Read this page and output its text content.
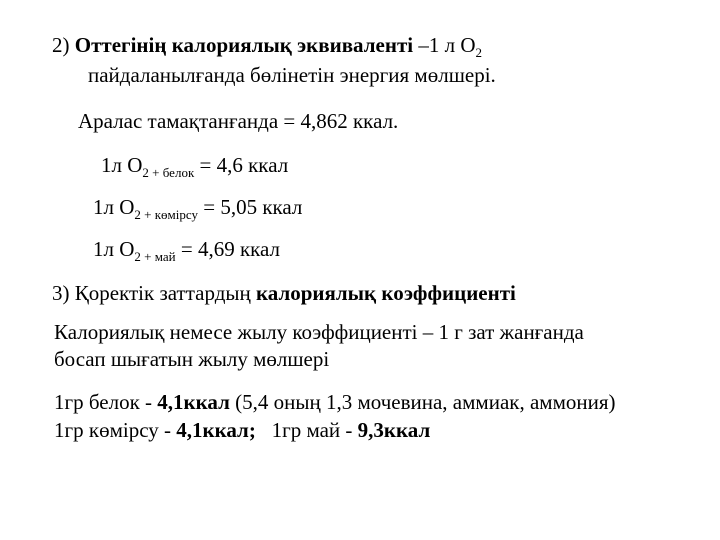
2) Оттегінің калориялық эквиваленті –1 л $О_2$
пайдаланылғанда бөлінетін энергия мөлшері.
Аралас тамақтанғанда = 4,862 ккал.
1л $О_{2 + белок} = 4,6$ ккал
1л $О_{2 + көмірсу} = 5,05$ ккал
1л $О_{2 + май} = 4,69$ ккал
3) Қоректік заттардың калориялық коэффициенті
Калориялық немесе жылу коэффициенті – 1 г зат жанғанда
босап шығатын жылу мөлшері
1гр белок - 4,1ккал (5,4 оның 1,3 мочевина, аммиак, аммония)
1гр көмірсу - 4,1ккал;   1гр май - 9,3ккал
